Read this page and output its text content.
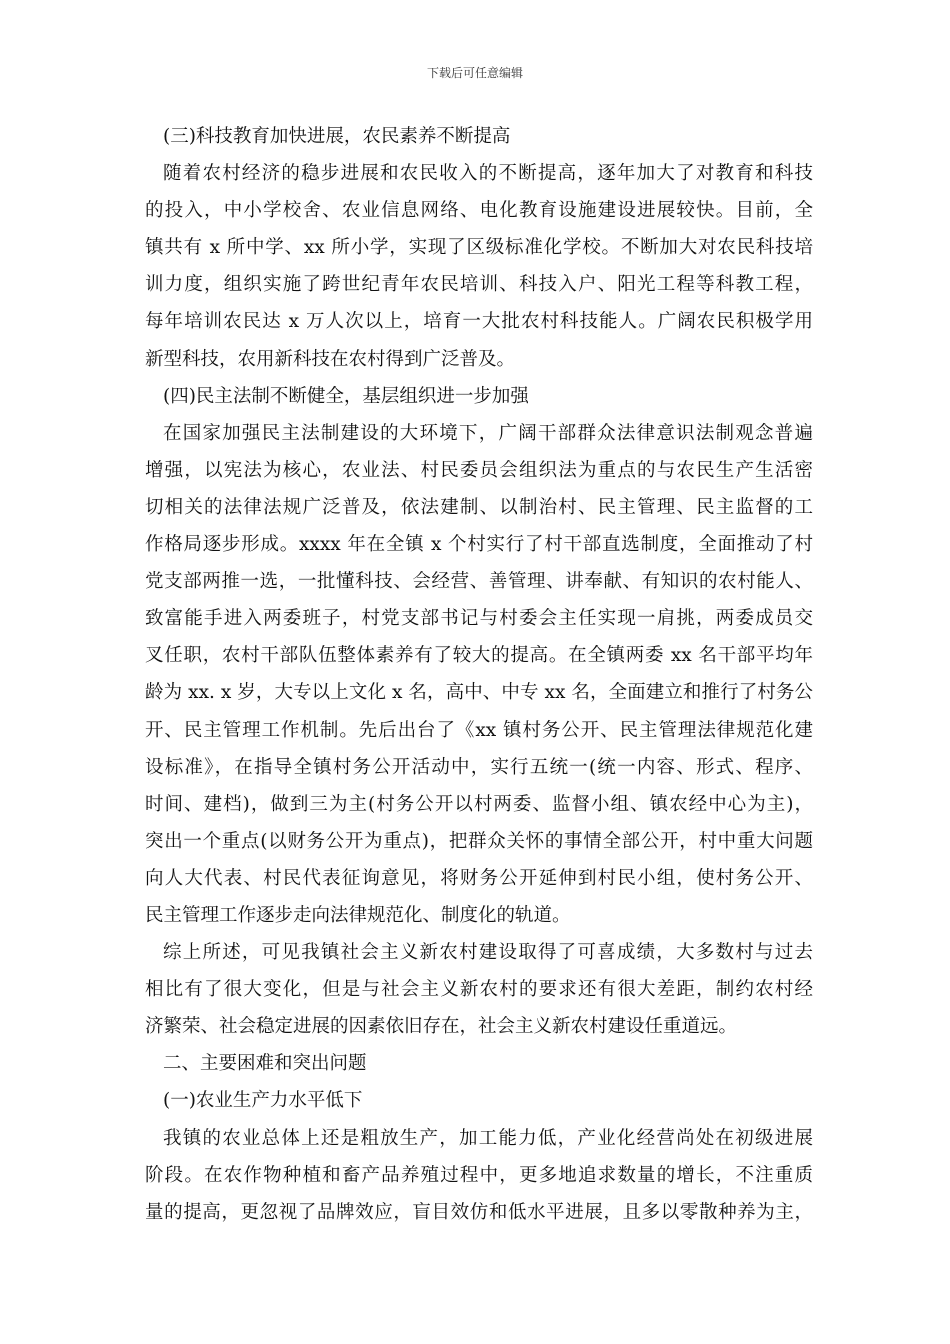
下载后可任意编辑
(三)科技教育加快进展，农民素养不断提高
随着农村经济的稳步进展和农民收入的不断提高，逐年加大了对教育和科技
的投入，中小学校舍、农业信息网络、电化教育设施建设进展较快。目前，全
镇共有 x 所中学、xx 所小学，实现了区级标准化学校。不断加大对农民科技培
训力度，组织实施了跨世纪青年农民培训、科技入户、阳光工程等科教工程，
每年培训农民达 x 万人次以上，培育一大批农村科技能人。广阔农民积极学用
新型科技，农用新科技在农村得到广泛普及。
(四)民主法制不断健全，基层组织进一步加强
在国家加强民主法制建设的大环境下，广阔干部群众法律意识法制观念普遍
增强，以宪法为核心，农业法、村民委员会组织法为重点的与农民生产生活密
切相关的法律法规广泛普及，依法建制、以制治村、民主管理、民主监督的工
作格局逐步形成。xxxx 年在全镇 x 个村实行了村干部直选制度，全面推动了村
党支部两推一选，一批懂科技、会经营、善管理、讲奉献、有知识的农村能人、
致富能手进入两委班子，村党支部书记与村委会主任实现一肩挑，两委成员交
叉任职，农村干部队伍整体素养有了较大的提高。在全镇两委 xx 名干部平均年
龄为 xx. x 岁，大专以上文化 x 名，高中、中专 xx 名，全面建立和推行了村务公
开、民主管理工作机制。先后出台了《xx 镇村务公开、民主管理法律规范化建
设标准》，在指导全镇村务公开活动中，实行五统一(统一内容、形式、程序、
时间、建档)，做到三为主(村务公开以村两委、监督小组、镇农经中心为主)，
突出一个重点(以财务公开为重点)，把群众关怀的事情全部公开，村中重大问题
向人大代表、村民代表征询意见，将财务公开延伸到村民小组，使村务公开、
民主管理工作逐步走向法律规范化、制度化的轨道。
综上所述，可见我镇社会主义新农村建设取得了可喜成绩，大多数村与过去
相比有了很大变化，但是与社会主义新农村的要求还有很大差距，制约农村经
济繁荣、社会稳定进展的因素依旧存在，社会主义新农村建设任重道远。
二、主要困难和突出问题
(一)农业生产力水平低下
我镇的农业总体上还是粗放生产，加工能力低，产业化经营尚处在初级进展
阶段。在农作物种植和畜产品养殖过程中，更多地追求数量的增长，不注重质
量的提高，更忽视了品牌效应，盲目效仿和低水平进展，且多以零散种养为主，
